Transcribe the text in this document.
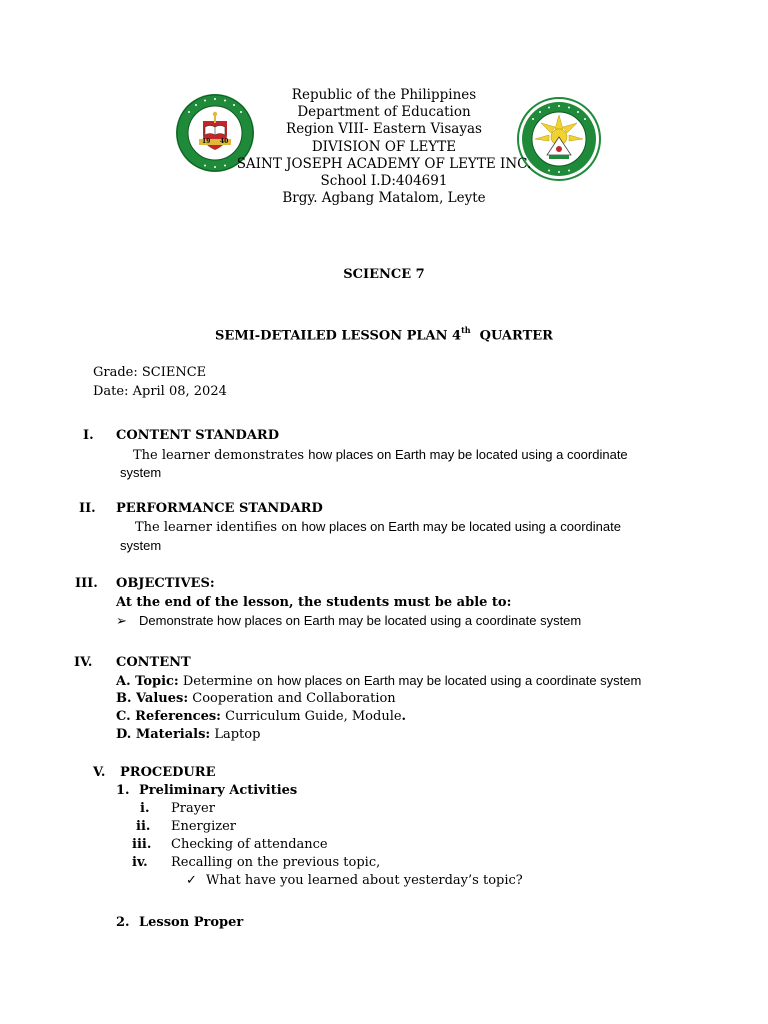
19 40
Republic of the Philippines
Department of Education
Region VIII- Eastern Visayas
DIVISION OF LEYTE
SAINT JOSEPH ACADEMY OF LEYTE INC.
School I.D:404691
Brgy. Agbang Matalom, Leyte
SCIENCE 7
SEMI-DETAILED LESSON PLAN 4th QUARTER
Grade: SCIENCE
Date: April 08, 2024
I. CONTENT STANDARD
The learner demonstrates how places on Earth may be located using a coordinate
system
II. PERFORMANCE STANDARD
The learner identifies on how places on Earth may be located using a coordinate
system
III. OBJECTIVES:
At the end of the lesson, the students must be able to:
➢ Demonstrate how places on Earth may be located using a coordinate system
IV. CONTENT
A. Topic: Determine on how places on Earth may be located using a coordinate system
B. Values: Cooperation and Collaboration
C. References: Curriculum Guide, Module.
D. Materials: Laptop
V. PROCEDURE
1. Preliminary Activities
i. Prayer
ii. Energizer
iii. Checking of attendance
iv. Recalling on the previous topic,
✓ What have you learned about yesterday’s topic?
2. Lesson Proper
